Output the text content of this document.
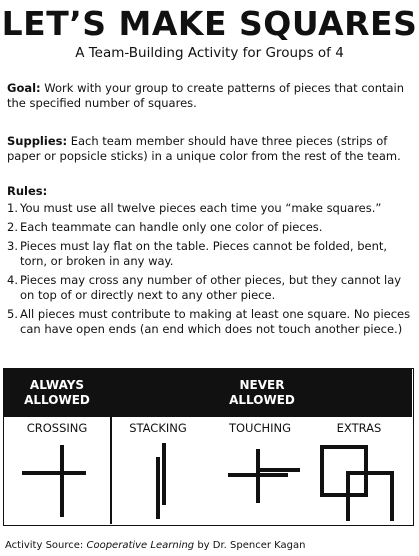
LET’S MAKE SQUARES
A Team-Building Activity for Groups of 4
Goal: Work with your group to create patterns of pieces that contain the specified number of squares.
Supplies: Each team member should have three pieces (strips of paper or popsicle sticks) in a unique color from the rest of the team.
Rules:
1. You must use all twelve pieces each time you “make squares.”
2. Each teammate can handle only one color of pieces.
3. Pieces must lay flat on the table. Pieces cannot be folded, bent, torn, or broken in any way.
4. Pieces may cross any number of other pieces, but they cannot lay on top of or directly next to any other piece.
5. All pieces must contribute to making at least one square. No pieces can have open ends (an end which does not touch another piece.)
ALWAYS
ALLOWED
NEVER
ALLOWED
CROSSING	STACKING	TOUCHING	EXTRAS
Activity Source: Cooperative Learning by Dr. Spencer Kagan
